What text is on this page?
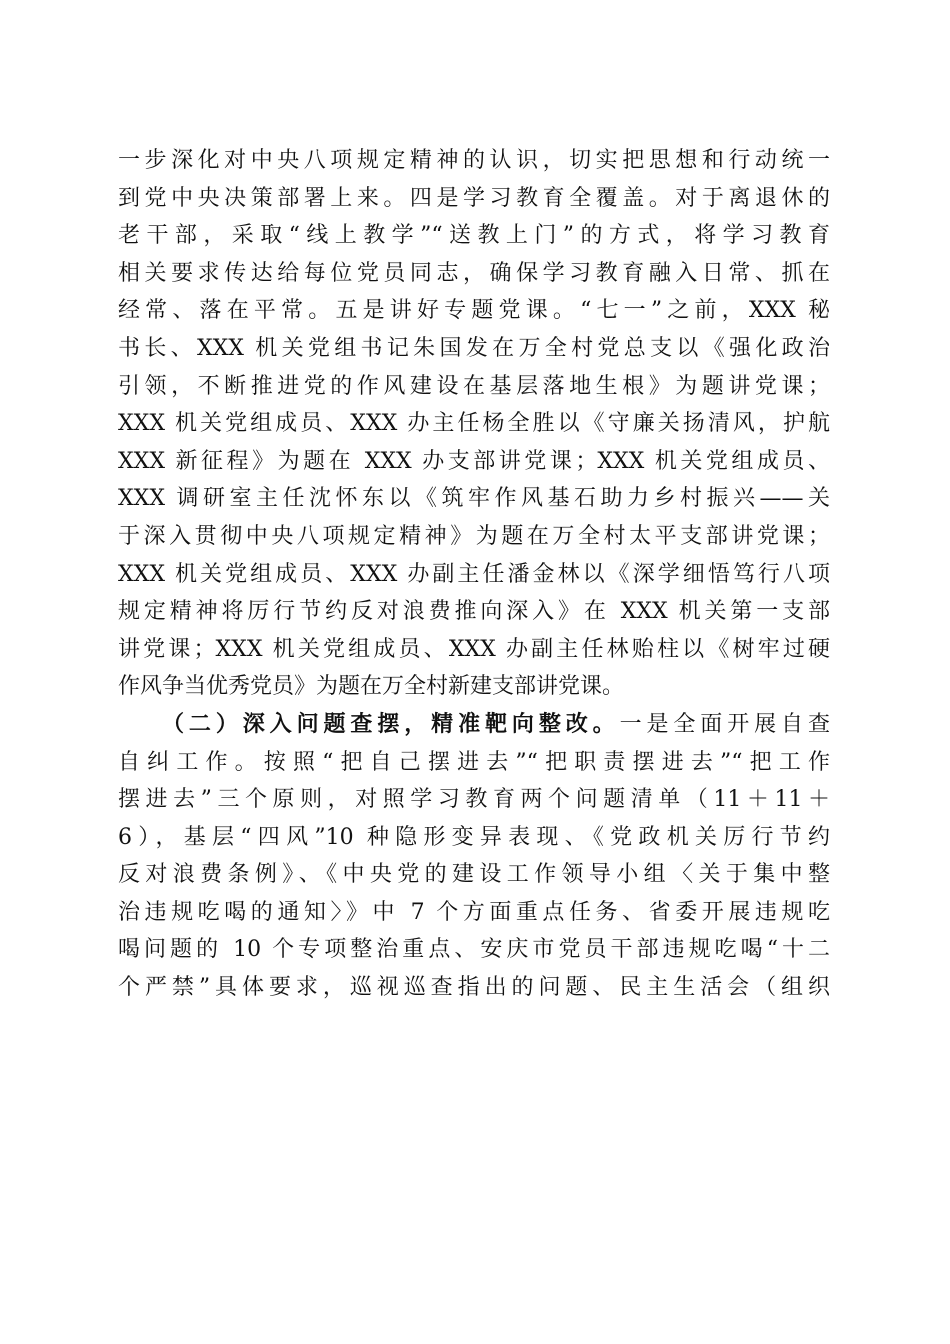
一步深化对中央八项规定精神的认识，切实把思想和行动统一
到党中央决策部署上来。四是学习教育全覆盖。对于离退休的
老干部，采取“线上教学”“送教上门”的方式，将学习教育
相关要求传达给每位党员同志，确保学习教育融入日常、抓在
经常、落在平常。五是讲好专题党课。“七一”之前，XXX 秘
书长、XXX 机关党组书记朱国发在万全村党总支以《强化政治
引领，不断推进党的作风建设在基层落地生根》为题讲党课；
XXX 机关党组成员、XXX 办主任杨全胜以《守廉关扬清风，护航
XXX 新征程》为题在 XXX 办支部讲党课；XXX 机关党组成员、
XXX 调研室主任沈怀东以《筑牢作风基石助力乡村振兴——关
于深入贯彻中央八项规定精神》为题在万全村太平支部讲党课；
XXX 机关党组成员、XXX 办副主任潘金林以《深学细悟笃行八项
规定精神将厉行节约反对浪费推向深入》在 XXX 机关第一支部
讲党课；XXX 机关党组成员、XXX 办副主任林贻柱以《树牢过硬
作风争当优秀党员》为题在万全村新建支部讲党课。
（二）深入问题查摆，精准靶向整改。一是全面开展自查
自纠工作。按照“把自己摆进去”“把职责摆进去”“把工作
摆进去”三个原则，对照学习教育两个问题清单（11＋11＋
6），基层“四风”10 种隐形变异表现、《党政机关厉行节约
反对浪费条例》、《中央党的建设工作领导小组〈关于集中整
治违规吃喝的通知〉》中 7 个方面重点任务、省委开展违规吃
喝问题的 10 个专项整治重点、安庆市党员干部违规吃喝“十二
个严禁”具体要求，巡视巡查指出的问题、民主生活会（组织
